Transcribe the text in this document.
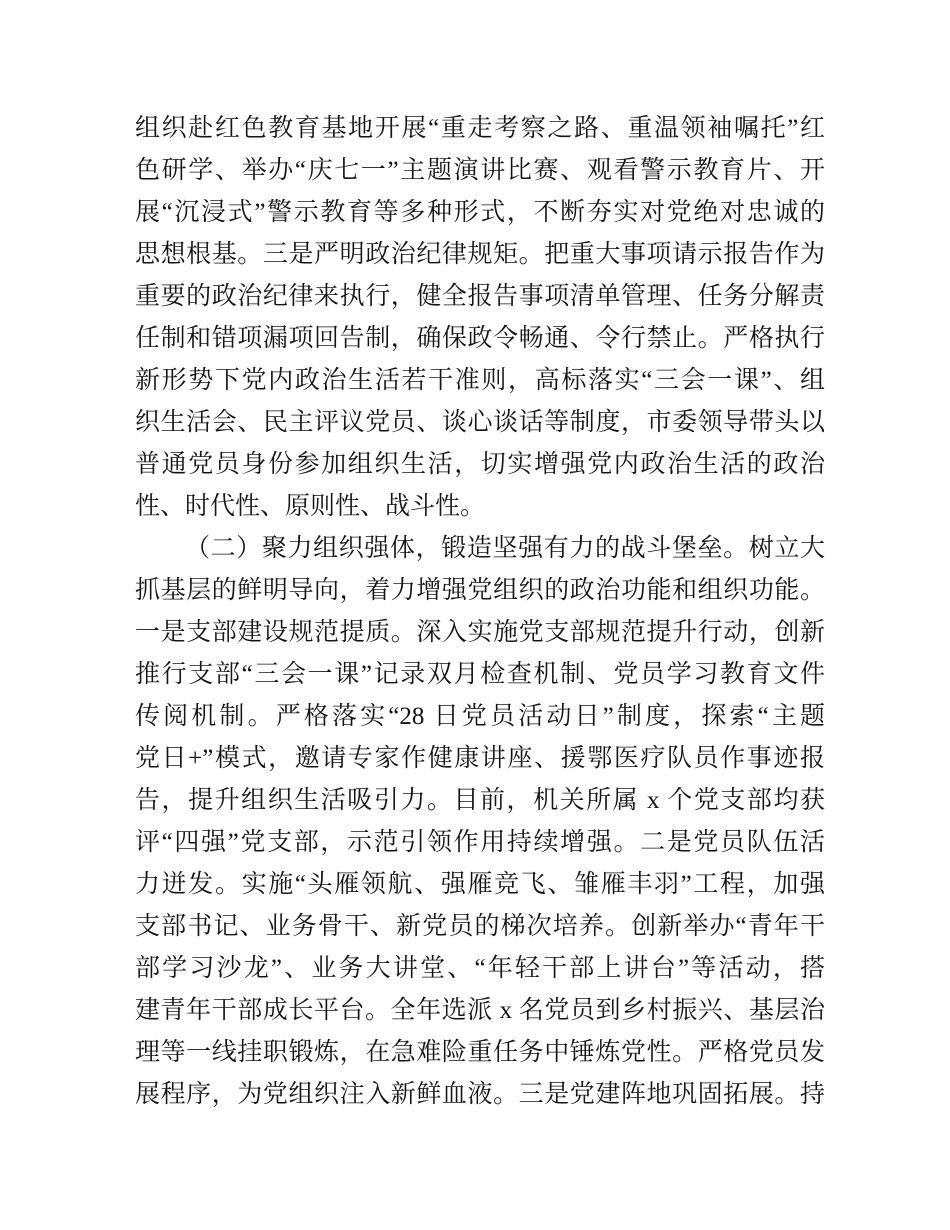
组织赴红色教育基地开展“重走考察之路、重温领袖嘱托”红
色研学、举办“庆七一”主题演讲比赛、观看警示教育片、开
展“沉浸式”警示教育等多种形式，不断夯实对党绝对忠诚的
思想根基。三是严明政治纪律规矩。把重大事项请示报告作为
重要的政治纪律来执行，健全报告事项清单管理、任务分解责
任制和错项漏项回告制，确保政令畅通、令行禁止。严格执行
新形势下党内政治生活若干准则，高标落实“三会一课”、组
织生活会、民主评议党员、谈心谈话等制度，市委领导带头以
普通党员身份参加组织生活，切实增强党内政治生活的政治
性、时代性、原则性、战斗性。
（二）聚力组织强体，锻造坚强有力的战斗堡垒。树立大
抓基层的鲜明导向，着力增强党组织的政治功能和组织功能。
一是支部建设规范提质。深入实施党支部规范提升行动，创新
推行支部“三会一课”记录双月检查机制、党员学习教育文件
传阅机制。严格落实“28 日党员活动日”制度，探索“主题
党日+”模式，邀请专家作健康讲座、援鄂医疗队员作事迹报
告，提升组织生活吸引力。目前，机关所属 x 个党支部均获
评“四强”党支部，示范引领作用持续增强。二是党员队伍活
力迸发。实施“头雁领航、强雁竞飞、雏雁丰羽”工程，加强
支部书记、业务骨干、新党员的梯次培养。创新举办“青年干
部学习沙龙”、业务大讲堂、“年轻干部上讲台”等活动，搭
建青年干部成长平台。全年选派 x 名党员到乡村振兴、基层治
理等一线挂职锻炼，在急难险重任务中锤炼党性。严格党员发
展程序，为党组织注入新鲜血液。三是党建阵地巩固拓展。持
